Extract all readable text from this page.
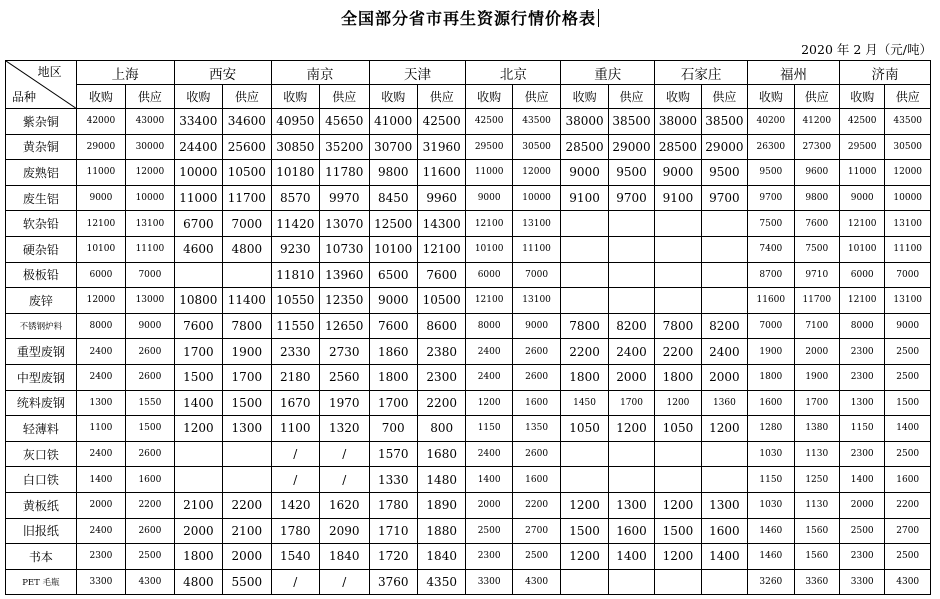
全国部分省市再生资源行情价格表
2020 年 2 月（元/吨）
地区
品种	上海		西安		南京		天津		北京		重庆		石家庄		福州		济南	
	收购	供应	收购	供应	收购	供应	收购	供应	收购	供应	收购	供应	收购	供应	收购	供应	收购	供应
紫杂铜	42000	43000	33400	34600	40950	45650	41000	42500	42500	43500	38000	38500	38000	38500	40200	41200	42500	43500
黄杂铜	29000	30000	24400	25600	30850	35200	30700	31960	29500	30500	28500	29000	28500	29000	26300	27300	29500	30500
废熟铝	11000	12000	10000	10500	10180	11780	9800	11600	11000	12000	9000	9500	9000	9500	9500	9600	11000	12000
废生铝	9000	10000	11000	11700	8570	9970	8450	9960	9000	10000	9100	9700	9100	9700	9700	9800	9000	10000
软杂铅	12100	13100	6700	7000	11420	13070	12500	14300	12100	13100					7500	7600	12100	13100
硬杂铅	10100	11100	4600	4800	9230	10730	10100	12100	10100	11100					7400	7500	10100	11100
极板铅	6000	7000			11810	13960	6500	7600	6000	7000					8700	9710	6000	7000
废锌	12000	13000	10800	11400	10550	12350	9000	10500	12100	13100					11600	11700	12100	13100
不锈钢炉料	8000	9000	7600	7800	11550	12650	7600	8600	8000	9000	7800	8200	7800	8200	7000	7100	8000	9000
重型废钢	2400	2600	1700	1900	2330	2730	1860	2380	2400	2600	2200	2400	2200	2400	1900	2000	2300	2500
中型废钢	2400	2600	1500	1700	2180	2560	1800	2300	2400	2600	1800	2000	1800	2000	1800	1900	2300	2500
统料废钢	1300	1550	1400	1500	1670	1970	1700	2200	1200	1600	1450	1700	1200	1360	1600	1700	1300	1500
轻薄料	1100	1500	1200	1300	1100	1320	700	800	1150	1350	1050	1200	1050	1200	1280	1380	1150	1400
灰口铁	2400	2600			/	/	1570	1680	2400	2600					1030	1130	2300	2500
白口铁	1400	1600			/	/	1330	1480	1400	1600					1150	1250	1400	1600
黄板纸	2000	2200	2100	2200	1420	1620	1780	1890	2000	2200	1200	1300	1200	1300	1030	1130	2000	2200
旧报纸	2400	2600	2000	2100	1780	2090	1710	1880	2500	2700	1500	1600	1500	1600	1460	1560	2500	2700
书本	2300	2500	1800	2000	1540	1840	1720	1840	2300	2500	1200	1400	1200	1400	1460	1560	2300	2500
PET 毛瓶	3300	4300	4800	5500	/	/	3760	4350	3300	4300					3260	3360	3300	4300
